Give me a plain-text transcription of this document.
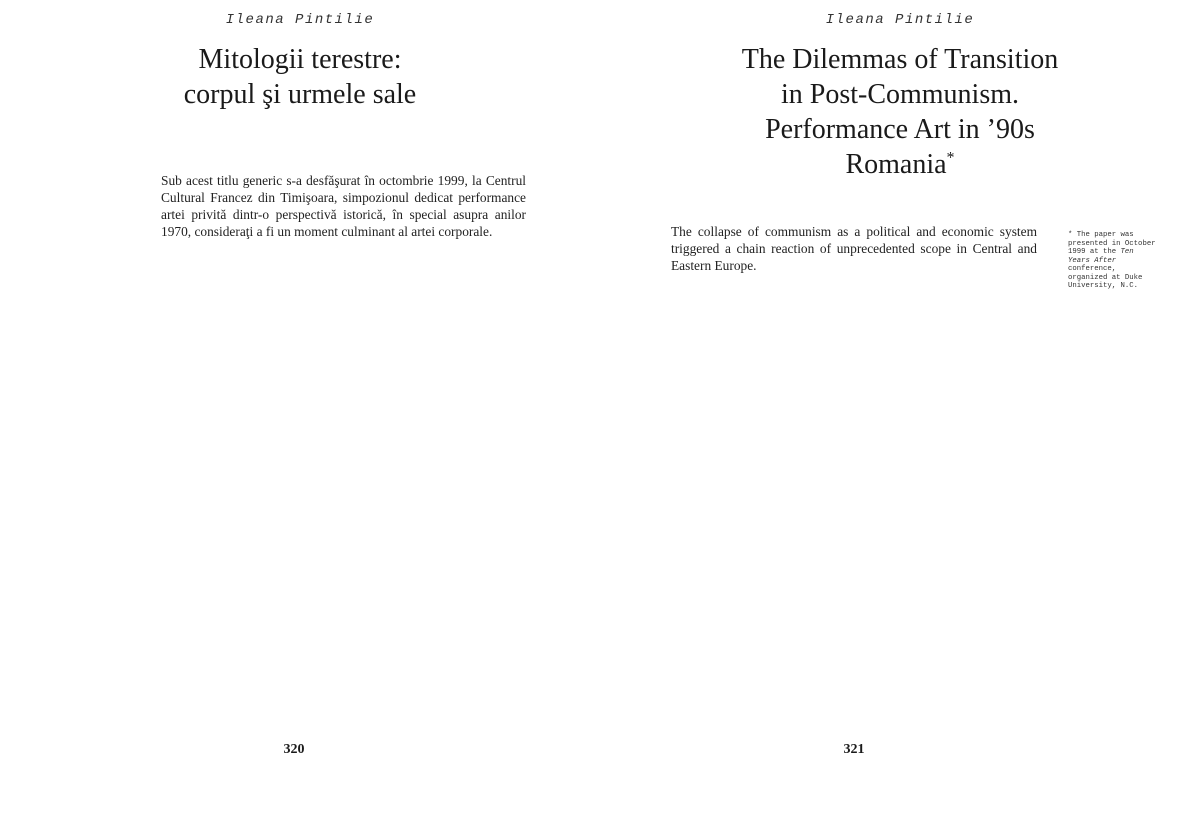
Ileana Pintilie
Mitologii terestre:
corpul şi urmele sale

Sub acest titlu generic s-a desfăşurat în octombrie 1999, la Centrul Cultural Francez din Timişoara, simpozionul dedicat performance artei privită dintr-o perspectivă istorică, în special asupra anilor 1970, consideraţi a fi un moment culminant al artei corporale.

320
Ileana Pintilie
The Dilemmas of Transition
in Post-Communism.
Performance Art in ’90s
Romania*

The collapse of communism as a political and economic system triggered a chain reaction of unprecedented scope in Central and Eastern Europe.

* The paper was presented in October 1999 at the Ten Years After conference, organized at Duke University, N.C.
321
